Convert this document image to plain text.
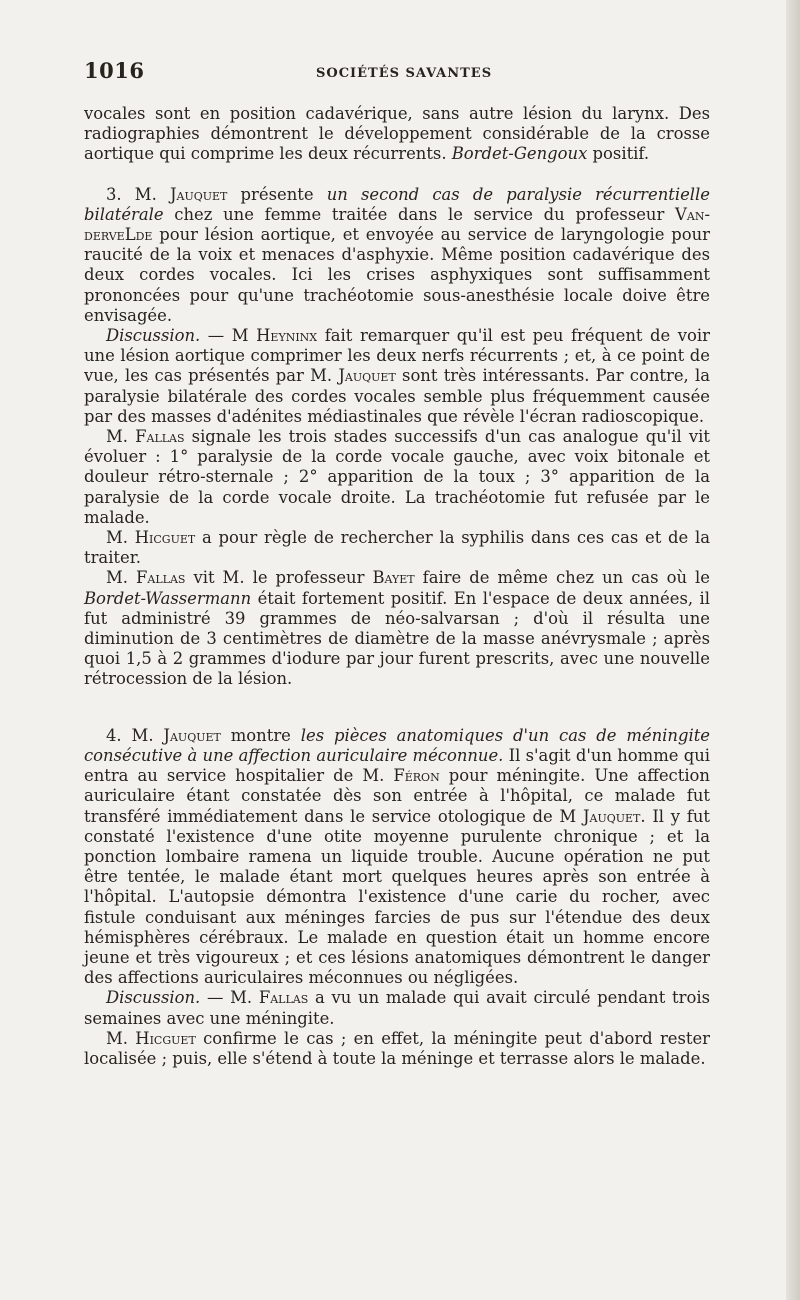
1016	SOCIÉTÉS SAVANTES

vocales sont en position cadavérique, sans autre lésion du larynx. Des radiographies démontrent le développement considérable de la crosse aortique qui comprime les deux récurrents. Bordet-Gengoux positif.

3. M. Jauquet présente un second cas de paralysie récurrentielle bilatérale chez une femme traitée dans le service du professeur Van-derveLde pour lésion aortique, et envoyée au service de laryngologie pour raucité de la voix et menaces d'asphyxie. Même position cadavérique des deux cordes vocales. Ici les crises asphyxiques sont suffisamment prononcées pour qu'une trachéotomie sous-anesthésie locale doive être envisagée.

Discussion. — M Heyninx fait remarquer qu'il est peu fréquent de voir une lésion aortique comprimer les deux nerfs récurrents ; et, à ce point de vue, les cas présentés par M. Jauquet sont très intéressants. Par contre, la paralysie bilatérale des cordes vocales semble plus fréquemment causée par des masses d'adénites médiastinales que révèle l'écran radioscopique.

M. Fallas signale les trois stades successifs d'un cas analogue qu'il vit évoluer : 1° paralysie de la corde vocale gauche, avec voix bitonale et douleur rétro-sternale ; 2° apparition de la toux ; 3° apparition de la paralysie de la corde vocale droite. La trachéotomie fut refusée par le malade.

M. Hicguet a pour règle de rechercher la syphilis dans ces cas et de la traiter.

M. Fallas vit M. le professeur Bayet faire de même chez un cas où le Bordet-Wassermann était fortement positif. En l'espace de deux années, il fut administré 39 grammes de néo-salvarsan ; d'où il résulta une diminution de 3 centimètres de diamètre de la masse anévrysmale ; après quoi 1,5 à 2 grammes d'iodure par jour furent prescrits, avec une nouvelle rétrocession de la lésion.

4. M. Jauquet montre les pièces anatomiques d'un cas de méningite consécutive à une affection auriculaire méconnue. Il s'agit d'un homme qui entra au service hospitalier de M. Féron pour méningite. Une affection auriculaire étant constatée dès son entrée à l'hôpital, ce malade fut transféré immédiatement dans le service otologique de M Jauquet. Il y fut constaté l'existence d'une otite moyenne purulente chronique ; et la ponction lombaire ramena un liquide trouble. Aucune opération ne put être tentée, le malade étant mort quelques heures après son entrée à l'hôpital. L'autopsie démontra l'existence d'une carie du rocher, avec fistule conduisant aux méninges farcies de pus sur l'étendue des deux hémisphères cérébraux. Le malade en question était un homme encore jeune et très vigoureux ; et ces lésions anatomiques démontrent le danger des affections auriculaires méconnues ou négligées.

Discussion. — M. Fallas a vu un malade qui avait circulé pendant trois semaines avec une méningite.

M. Hicguet confirme le cas ; en effet, la méningite peut d'abord rester localisée ; puis, elle s'étend à toute la méninge et terrasse alors le malade.
